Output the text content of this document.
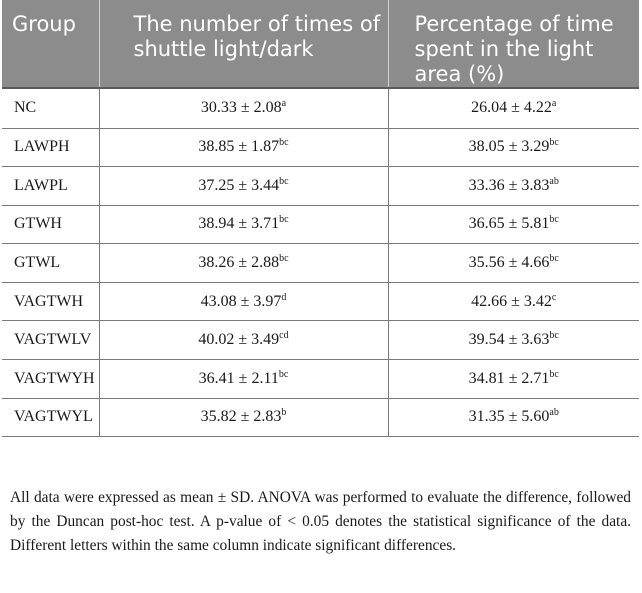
Group	The number of times of shuttle light/dark	Percentage of time spent in the light area (%)
NC	30.33 ± 2.08$^a$	26.04 ± 4.22$^a$
LAWPH	38.85 ± 1.87$^{bc}$	38.05 ± 3.29$^{bc}$
LAWPL	37.25 ± 3.44$^{bc}$	33.36 ± 3.83$^{ab}$
GTWH	38.94 ± 3.71$^{bc}$	36.65 ± 5.81$^{bc}$
GTWL	38.26 ± 2.88$^{bc}$	35.56 ± 4.66$^{bc}$
VAGTWH	43.08 ± 3.97$^d$	42.66 ± 3.42$^c$
VAGTWLV	40.02 ± 3.49$^{cd}$	39.54 ± 3.63$^{bc}$
VAGTWYH	36.41 ± 2.11$^{bc}$	34.81 ± 2.71$^{bc}$
VAGTWYL	35.82 ± 2.83$^b$	31.35 ± 5.60$^{ab}$

All data were expressed as mean ± SD. ANOVA was performed to evaluate the difference, followed by the Duncan post-hoc test. A p-value of < 0.05 denotes the statistical significance of the data. Different letters within the same column indicate significant differences.
